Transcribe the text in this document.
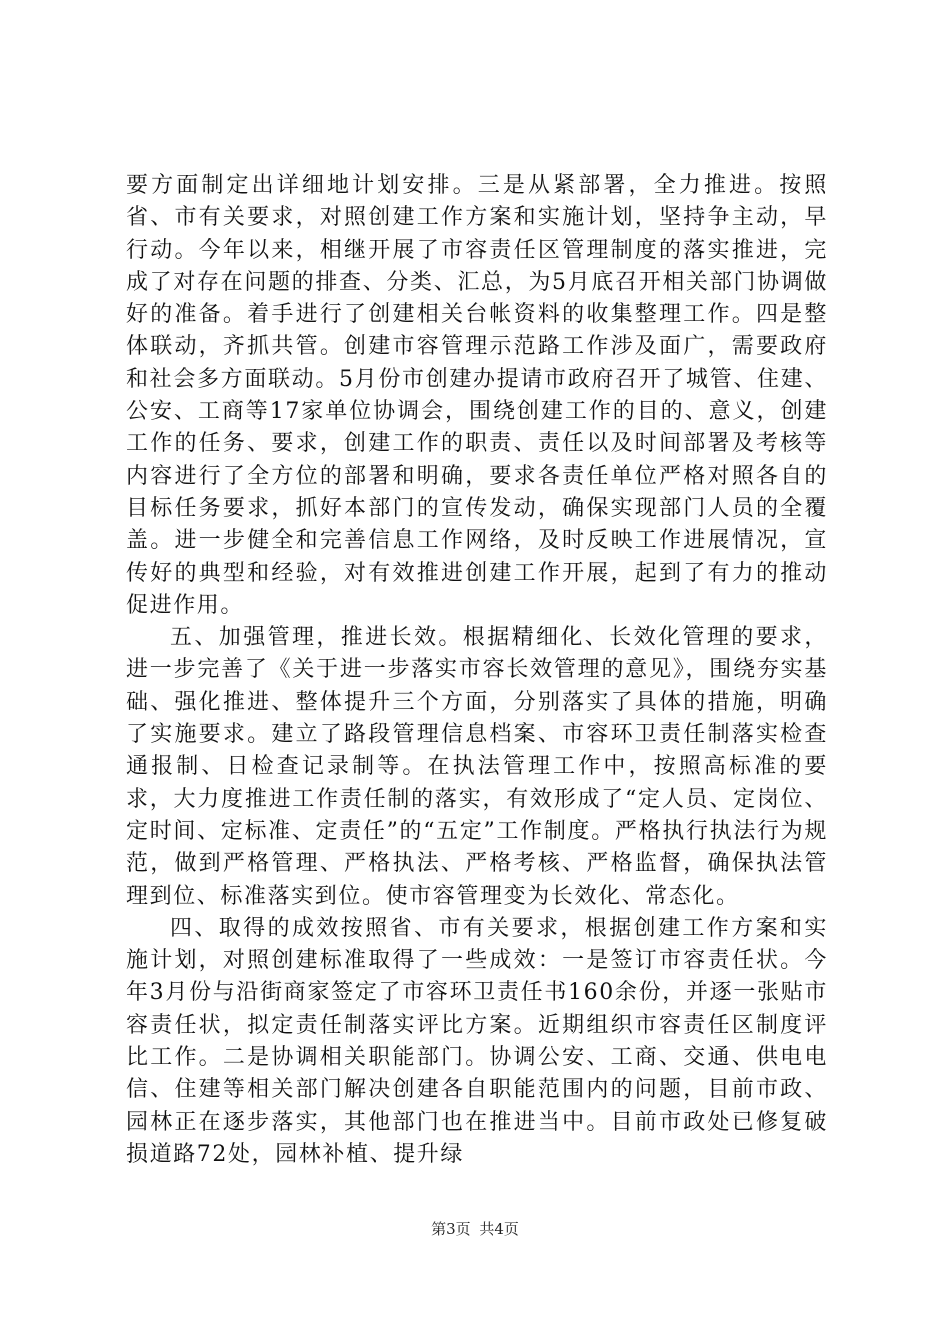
要方面制定出详细地计划安排。三是从紧部署，全力推进。按照省、市有关要求，对照创建工作方案和实施计划，坚持争主动，早行动。今年以来，相继开展了市容责任区管理制度的落实推进，完成了对存在问题的排查、分类、汇总，为5月底召开相关部门协调做好的准备。着手进行了创建相关台帐资料的收集整理工作。四是整体联动，齐抓共管。创建市容管理示范路工作涉及面广，需要政府和社会多方面联动。5月份市创建办提请市政府召开了城管、住建、公安、工商等17家单位协调会，围绕创建工作的目的、意义，创建工作的任务、要求，创建工作的职责、责任以及时间部署及考核等内容进行了全方位的部署和明确，要求各责任单位严格对照各自的目标任务要求，抓好本部门的宣传发动，确保实现部门人员的全覆盖。进一步健全和完善信息工作网络，及时反映工作进展情况，宣传好的典型和经验，对有效推进创建工作开展，起到了有力的推动促进作用。

五、加强管理，推进长效。根据精细化、长效化管理的要求，进一步完善了《关于进一步落实市容长效管理的意见》，围绕夯实基础、强化推进、整体提升三个方面，分别落实了具体的措施，明确了实施要求。建立了路段管理信息档案、市容环卫责任制落实检查通报制、日检查记录制等。在执法管理工作中，按照高标准的要求，大力度推进工作责任制的落实，有效形成了“定人员、定岗位、定时间、定标准、定责任”的“五定”工作制度。严格执行执法行为规范，做到严格管理、严格执法、严格考核、严格监督，确保执法管理到位、标准落实到位。使市容管理变为长效化、常态化。

四、取得的成效按照省、市有关要求，根据创建工作方案和实施计划，对照创建标准取得了一些成效：一是签订市容责任状。今年3月份与沿街商家签定了市容环卫责任书160余份，并逐一张贴市容责任状，拟定责任制落实评比方案。近期组织市容责任区制度评比工作。二是协调相关职能部门。协调公安、工商、交通、供电电信、住建等相关部门解决创建各自职能范围内的问题，目前市政、园林正在逐步落实，其他部门也在推进当中。目前市政处已修复破损道路72处，园林补植、提升绿

第3页 共4页
